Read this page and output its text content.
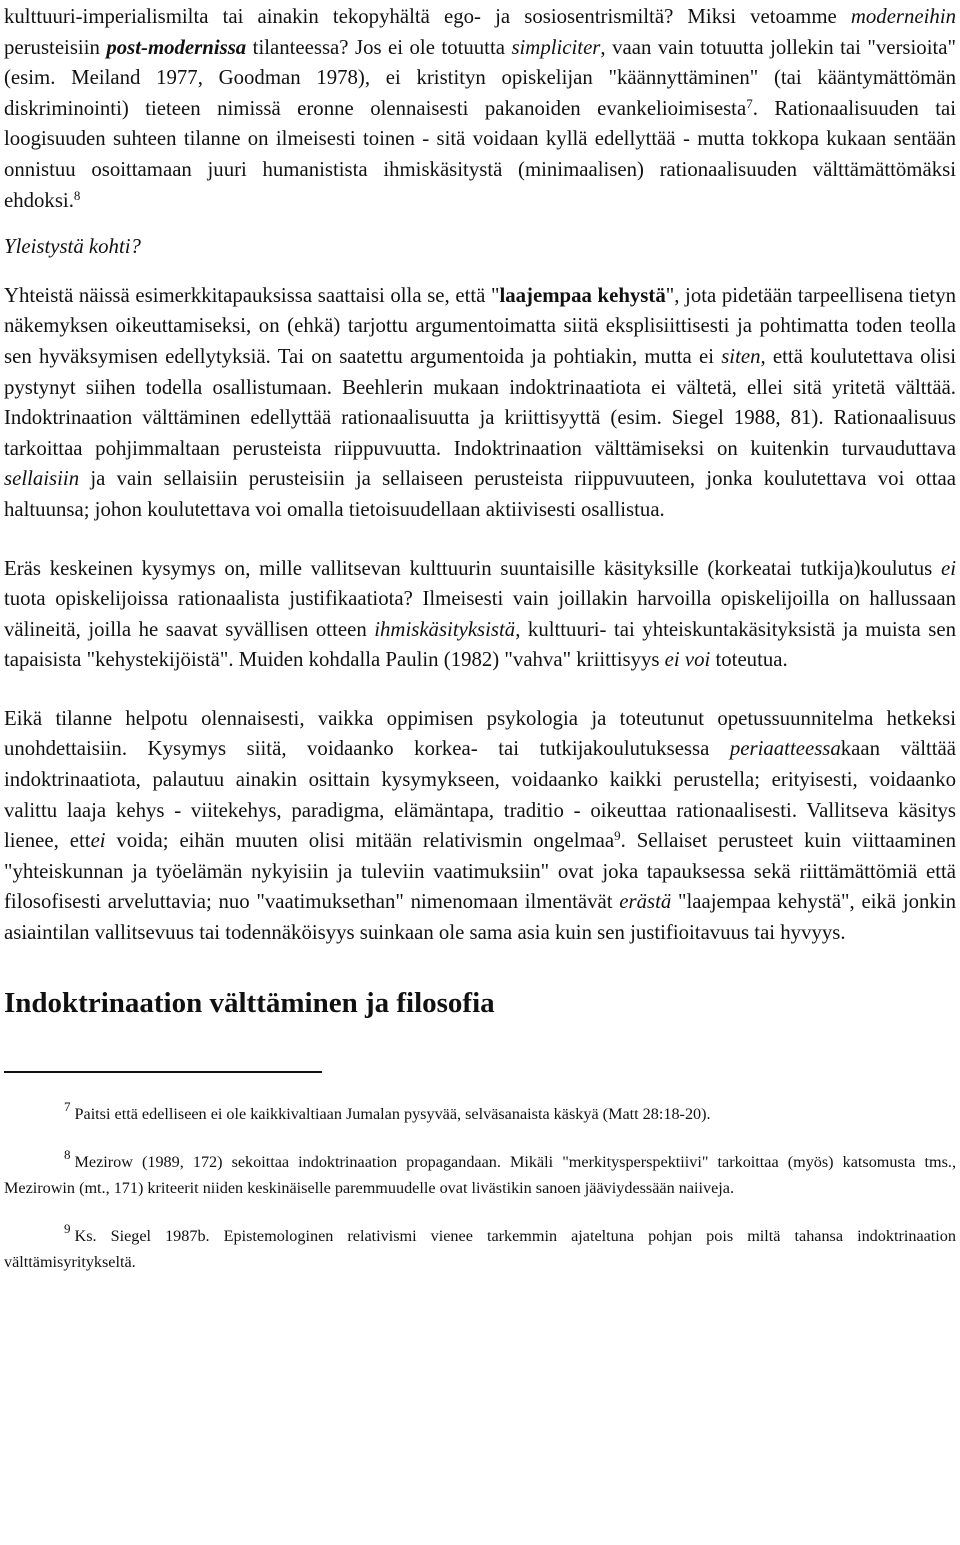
kulttuuri-imperialismilta tai ainakin tekopyhältä ego- ja sosiosentrismiltä? Miksi vetoamme moderneihin perusteisiin post-modernissa tilanteessa? Jos ei ole totuutta simpliciter, vaan vain totuutta jollekin tai "versioita" (esim. Meiland 1977, Goodman 1978), ei kristityn opiskelijan "käännyttäminen" (tai kääntymättömän diskriminointi) tieteen nimissä eronne olennaisesti pakanoiden evankelioimisesta$^7$. Rationaalisuuden tai loogisuuden suhteen tilanne on ilmeisesti toinen - sitä voidaan kyllä edellyttää - mutta tokkopa kukaan sentään onnistuu osoittamaan juuri humanistista ihmiskäsitystä (minimaalisen) rationaalisuuden välttämättömäksi ehdoksi.$^8$

Yleistystä kohti?

Yhteistä näissä esimerkkitapauksissa saattaisi olla se, että "laajempaa kehystä", jota pidetään tarpeellisena tietyn näkemyksen oikeuttamiseksi, on (ehkä) tarjottu argumentoimatta siitä eksplisiittisesti ja pohtimatta toden teolla sen hyväksymisen edellytyksiä. Tai on saatettu argumentoida ja pohtiakin, mutta ei siten, että koulutettava olisi pystynyt siihen todella osallistumaan. Beehlerin mukaan indoktrinaatiota ei vältetä, ellei sitä yritetä välttää. Indoktrinaation välttäminen edellyttää rationaalisuutta ja kriittisyyttä (esim. Siegel 1988, 81). Rationaalisuus tarkoittaa pohjimmaltaan perusteista riippuvuutta. Indoktrinaation välttämiseksi on kuitenkin turvauduttava sellaisiin ja vain sellaisiin perusteisiin ja sellaiseen perusteista riippuvuuteen, jonka koulutettava voi ottaa haltuunsa; johon koulutettava voi omalla tietoisuudellaan aktiivisesti osallistua.

Eräs keskeinen kysymys on, mille vallitsevan kulttuurin suuntaisille käsityksille (korkeatai tutkija)koulutus ei tuota opiskelijoissa rationaalista justifikaatiota? Ilmeisesti vain joillakin harvoilla opiskelijoilla on hallussaan välineitä, joilla he saavat syvällisen otteen ihmiskäsityksistä, kulttuuri- tai yhteiskuntakäsityksistä ja muista sen tapaisista "kehystekijöistä". Muiden kohdalla Paulin (1982) "vahva" kriittisyys ei voi toteutua.

Eikä tilanne helpotu olennaisesti, vaikka oppimisen psykologia ja toteutunut opetussuunnitelma hetkeksi unohdettaisiin. Kysymys siitä, voidaanko korkea- tai tutkijakoulutuksessa periaatteessakaan välttää indoktrinaatiota, palautuu ainakin osittain kysymykseen, voidaanko kaikki perustella; erityisesti, voidaanko valittu laaja kehys - viitekehys, paradigma, elämäntapa, traditio - oikeuttaa rationaalisesti. Vallitseva käsitys lienee, ettei voida; eihän muuten olisi mitään relativismin ongelmaa$^9$. Sellaiset perusteet kuin viittaaminen "yhteiskunnan ja työelämän nykyisiin ja tuleviin vaatimuksiin" ovat joka tapauksessa sekä riittämättömiä että filosofisesti arveluttavia; nuo "vaatimuksethan" nimenomaan ilmentävät erästä "laajempaa kehystä", eikä jonkin asiaintilan vallitsevuus tai todennäköisyys suinkaan ole sama asia kuin sen justifioitavuus tai hyvyys.

Indoktrinaation välttäminen ja filosofia

$^7$ Paitsi että edelliseen ei ole kaikkivaltiaan Jumalan pysyvää, selväsanaista käskyä (Matt 28:18-20).

$^8$ Mezirow (1989, 172) sekoittaa indoktrinaation propagandaan. Mikäli "merkitysperspektiivi" tarkoittaa (myös) katsomusta tms., Mezirowin (mt., 171) kriteerit niiden keskinäiselle paremmuudelle ovat livästikin sanoen jääviydessään naiiveja.

$^9$ Ks. Siegel 1987b. Epistemologinen relativismi vienee tarkemmin ajateltuna pohjan pois miltä tahansa indoktrinaation välttämisyritykseltä.
